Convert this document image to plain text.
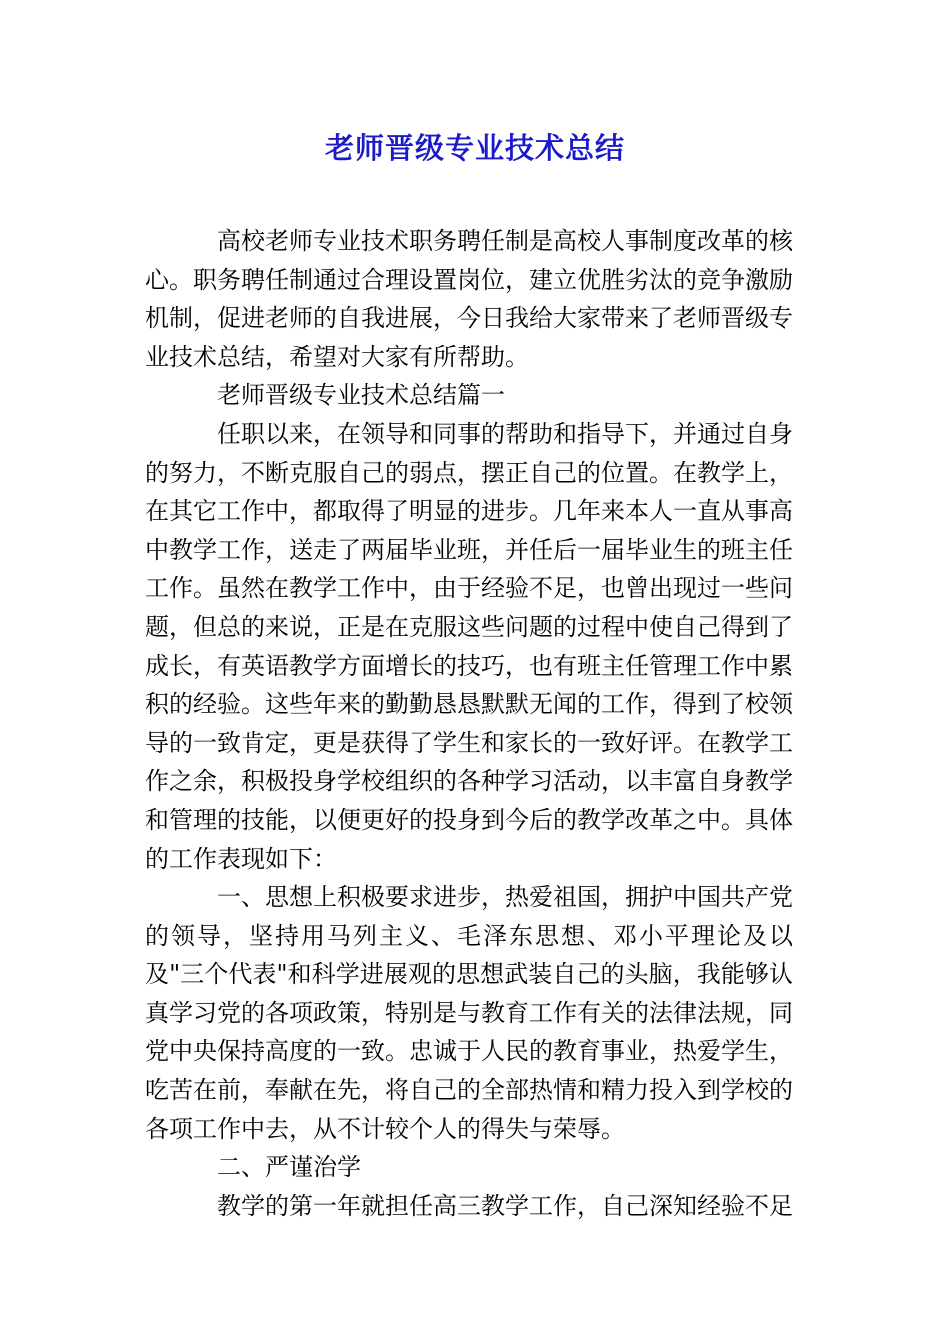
老师晋级专业技术总结

高校老师专业技术职务聘任制是高校人事制度改革的核心。职务聘任制通过合理设置岗位，建立优胜劣汰的竞争激励机制，促进老师的自我进展，今日我给大家带来了老师晋级专业技术总结，希望对大家有所帮助。

老师晋级专业技术总结篇一

任职以来，在领导和同事的帮助和指导下，并通过自身的努力，不断克服自己的弱点，摆正自己的位置。在教学上，在其它工作中，都取得了明显的进步。几年来本人一直从事高中教学工作，送走了两届毕业班，并任后一届毕业生的班主任工作。虽然在教学工作中，由于经验不足，也曾出现过一些问题，但总的来说，正是在克服这些问题的过程中使自己得到了成长，有英语教学方面增长的技巧，也有班主任管理工作中累积的经验。这些年来的勤勤恳恳默默无闻的工作，得到了校领导的一致肯定，更是获得了学生和家长的一致好评。在教学工作之余，积极投身学校组织的各种学习活动，以丰富自身教学和管理的技能，以便更好的投身到今后的教学改革之中。具体的工作表现如下：

一、思想上积极要求进步，热爱祖国，拥护中国共产党的领导，坚持用马列主义、毛泽东思想、邓小平理论及以及"三个代表"和科学进展观的思想武装自己的头脑，我能够认真学习党的各项政策，特别是与教育工作有关的法律法规，同党中央保持高度的一致。忠诚于人民的教育事业，热爱学生，吃苦在前，奉献在先，将自己的全部热情和精力投入到学校的各项工作中去，从不计较个人的得失与荣辱。

二、严谨治学

教学的第一年就担任高三教学工作，自己深知经验不足
